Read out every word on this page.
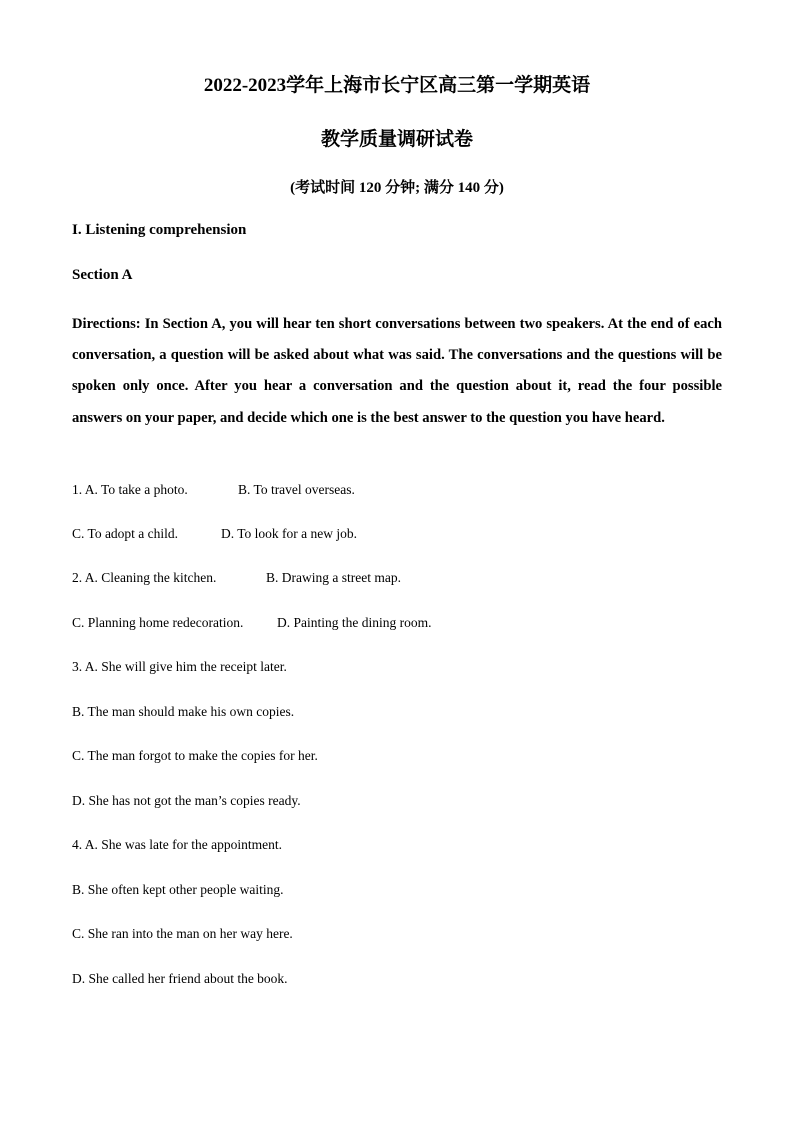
2022-2023学年上海市长宁区高三第一学期英语
教学质量调研试卷
(考试时间 120 分钟; 满分 140 分)
I. Listening comprehension
Section A
Directions: In Section A, you will hear ten short conversations between two speakers. At the end of each conversation, a question will be asked about what was said. The conversations and the questions will be spoken only once. After you hear a conversation and the question about it, read the four possible answers on your paper, and decide which one is the best answer to the question you have heard.
1. A. To take a photo.	B. To travel overseas.
C. To adopt a child.	D. To look for a new job.
2. A. Cleaning the kitchen.	B. Drawing a street map.
C. Planning home redecoration. D. Painting the dining room.
3. A. She will give him the receipt later.
B. The man should make his own copies.
C. The man forgot to make the copies for her.
D. She has not got the man’s copies ready.
4. A. She was late for the appointment.
B. She often kept other people waiting.
C. She ran into the man on her way here.
D. She called her friend about the book.
